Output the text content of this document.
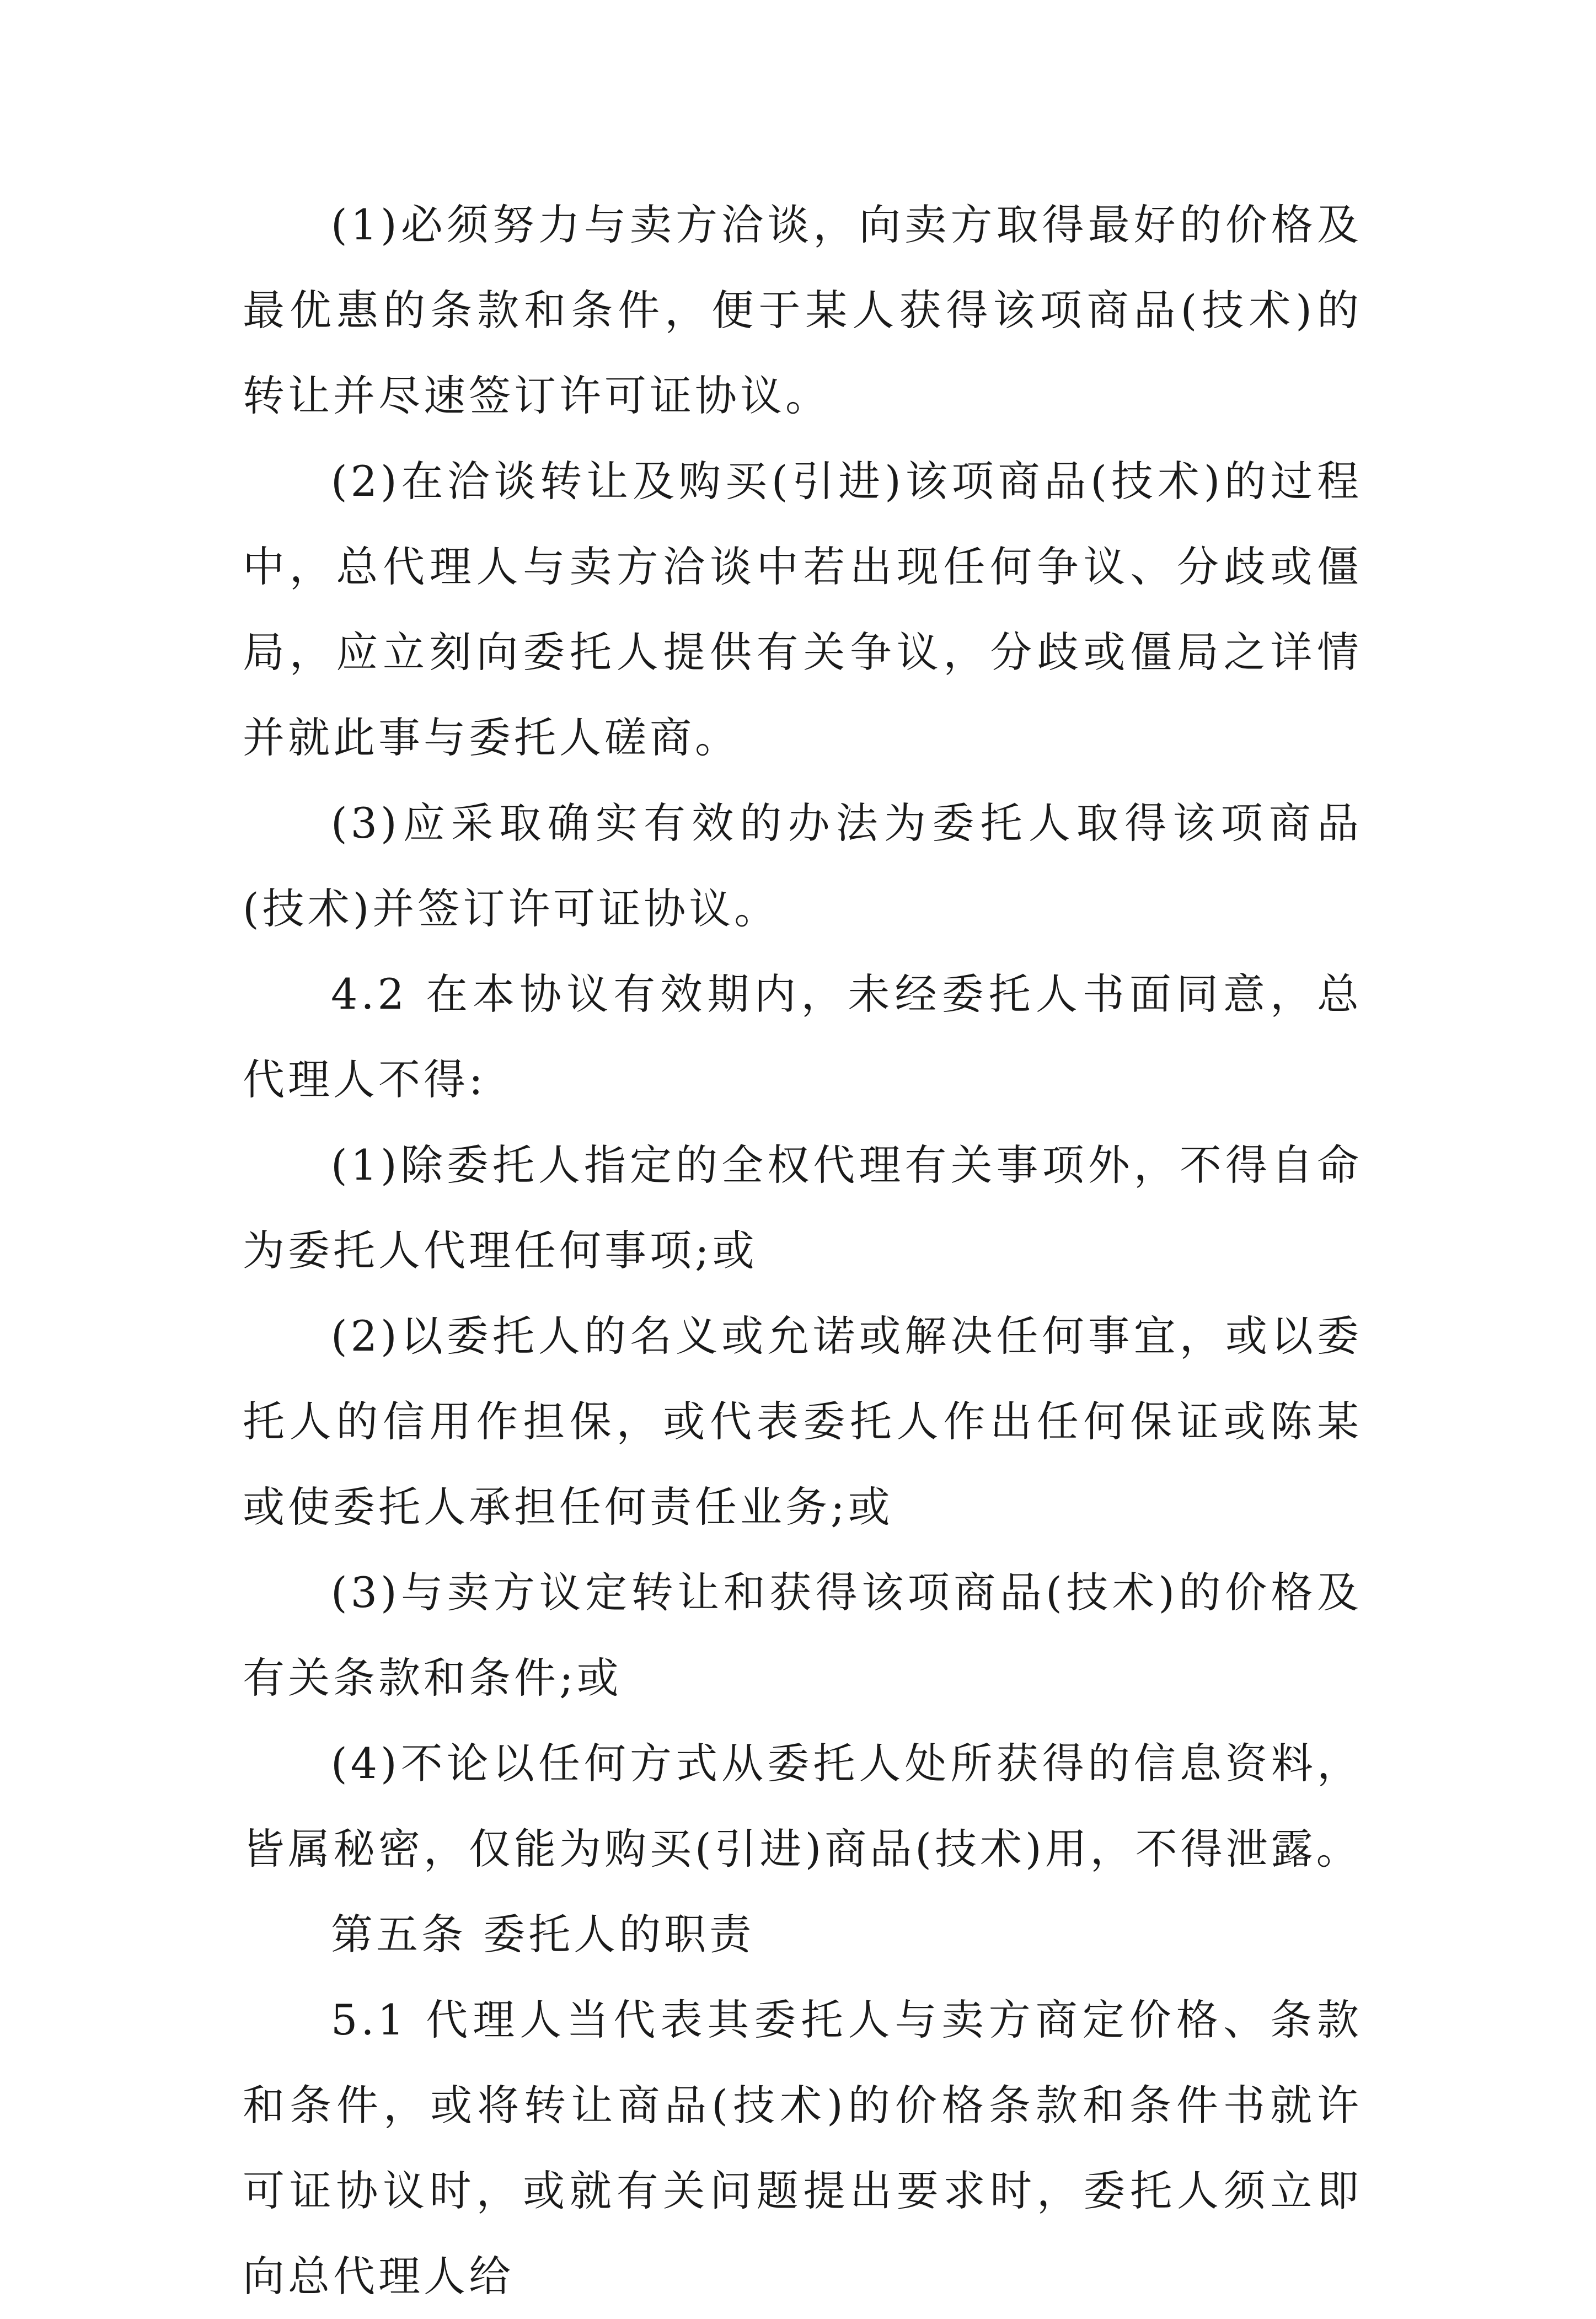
(1)必须努力与卖方洽谈，向卖方取得最好的价格及最优惠的条款和条件，便于某人获得该项商品(技术)的转让并尽速签订许可证协议。

(2)在洽谈转让及购买(引进)该项商品(技术)的过程中，总代理人与卖方洽谈中若出现任何争议、分歧或僵局，应立刻向委托人提供有关争议，分歧或僵局之详情并就此事与委托人磋商。

(3)应采取确实有效的办法为委托人取得该项商品(技术)并签订许可证协议。

4.2 在本协议有效期内，未经委托人书面同意，总代理人不得:

(1)除委托人指定的全权代理有关事项外，不得自命为委托人代理任何事项;或

(2)以委托人的名义或允诺或解决任何事宜，或以委托人的信用作担保，或代表委托人作出任何保证或陈某或使委托人承担任何责任业务;或

(3)与卖方议定转让和获得该项商品(技术)的价格及有关条款和条件;或

(4)不论以任何方式从委托人处所获得的信息资料，皆属秘密，仅能为购买(引进)商品(技术)用，不得泄露。

第五条 委托人的职责

5.1 代理人当代表其委托人与卖方商定价格、条款和条件，或将转让商品(技术)的价格条款和条件书就许可证协议时，或就有关问题提出要求时，委托人须立即向总代理人给
